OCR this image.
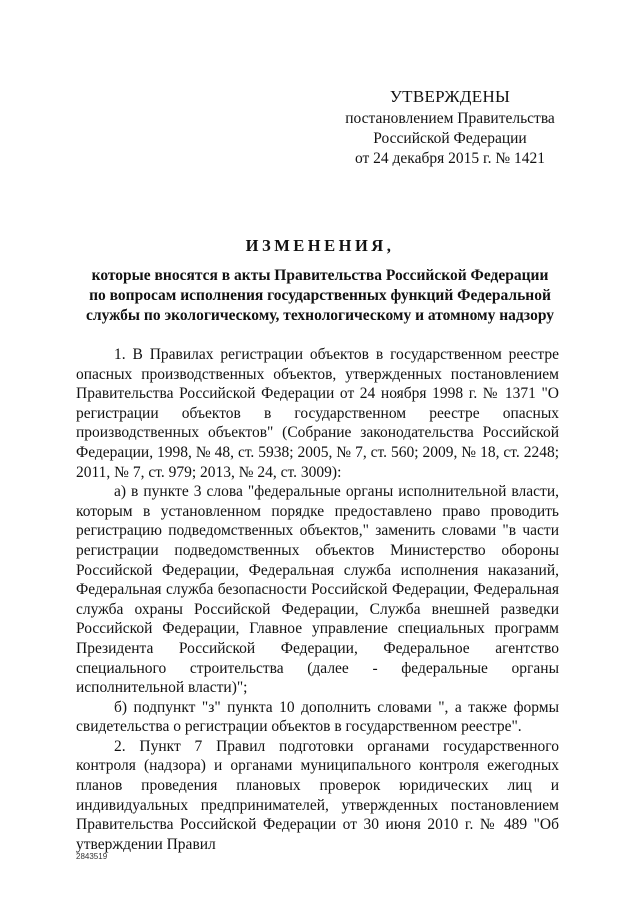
УТВЕРЖДЕНЫ
постановлением Правительства
Российской Федерации
от 24 декабря 2015 г. № 1421
ИЗМЕНЕНИЯ,
которые вносятся в акты Правительства Российской Федерации
по вопросам исполнения государственных функций Федеральной
службы по экологическому, технологическому и атомному надзору

1. В Правилах регистрации объектов в государственном реестре опасных производственных объектов, утвержденных постановлением Правительства Российской Федерации от 24 ноября 1998 г. № 1371 "О регистрации объектов в государственном реестре опасных производственных объектов" (Собрание законодательства Российской Федерации, 1998, № 48, ст. 5938; 2005, № 7, ст. 560; 2009, № 18, ст. 2248; 2011, № 7, ст. 979; 2013, № 24, ст. 3009):

а) в пункте 3 слова "федеральные органы исполнительной власти, которым в установленном порядке предоставлено право проводить регистрацию подведомственных объектов," заменить словами "в части регистрации подведомственных объектов Министерство обороны Российской Федерации, Федеральная служба исполнения наказаний, Федеральная служба безопасности Российской Федерации, Федеральная служба охраны Российской Федерации, Служба внешней разведки Российской Федерации, Главное управление специальных программ Президента Российской Федерации, Федеральное агентство специального строительства (далее - федеральные органы исполнительной власти)";

б) подпункт "з" пункта 10 дополнить словами ", а также формы свидетельства о регистрации объектов в государственном реестре".

2. Пункт 7 Правил подготовки органами государственного контроля (надзора) и органами муниципального контроля ежегодных планов проведения плановых проверок юридических лиц и индивидуальных предпринимателей, утвержденных постановлением Правительства Российской Федерации от 30 июня 2010 г. № 489 "Об утверждении Правил

2843519
